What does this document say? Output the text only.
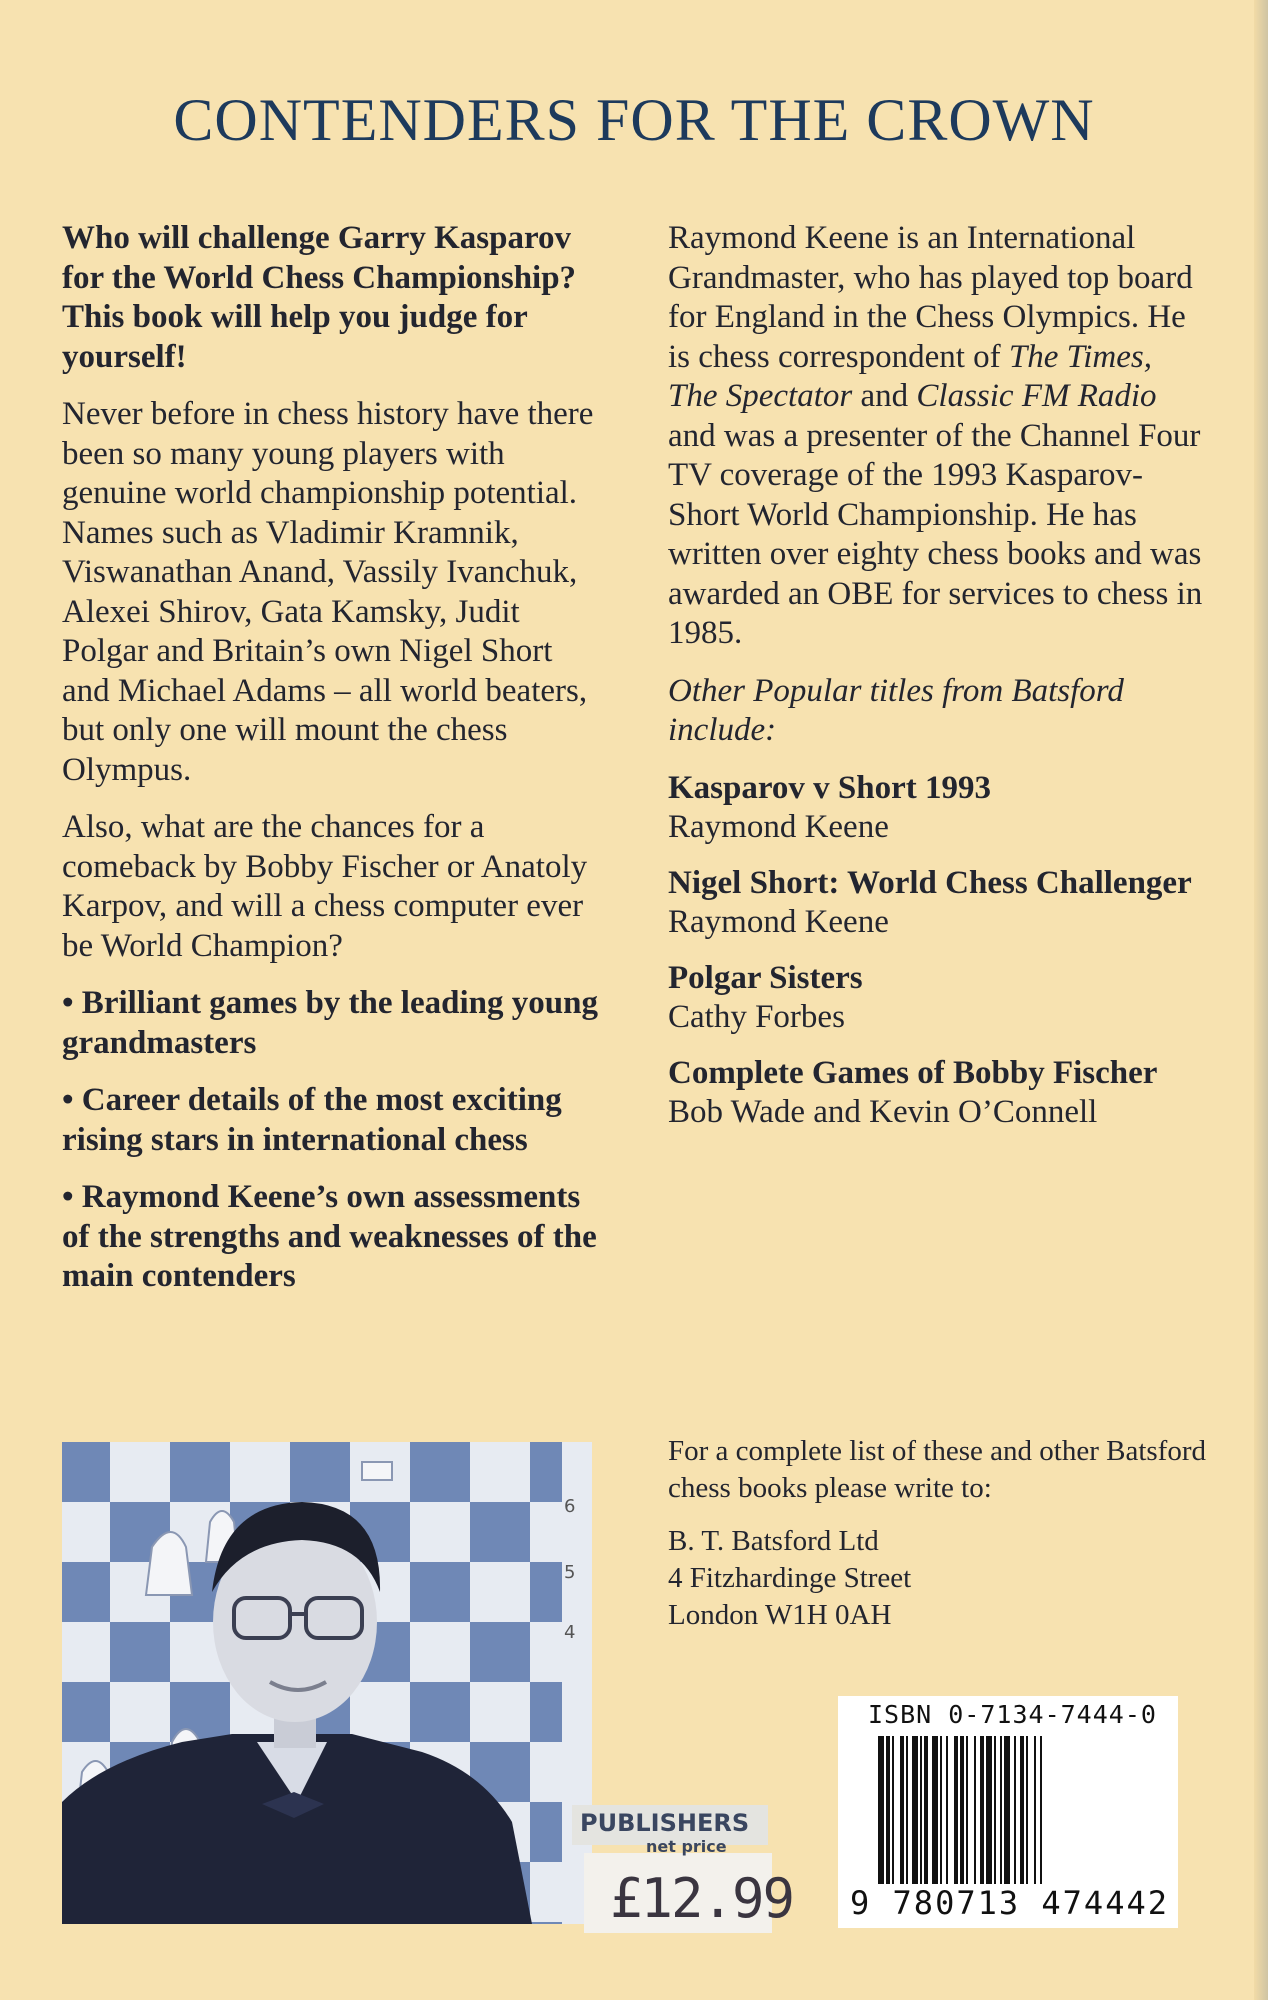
CONTENDERS FOR THE CROWN

Who will challenge Garry Kasparov for the World Chess Championship? This book will help you judge for yourself!

Never before in chess history have there been so many young players with genuine world championship potential. Names such as Vladimir Kramnik, Viswanathan Anand, Vassily Ivanchuk, Alexei Shirov, Gata Kamsky, Judit Polgar and Britain’s own Nigel Short and Michael Adams – all world beaters, but only one will mount the chess Olympus.

Also, what are the chances for a comeback by Bobby Fischer or Anatoly Karpov, and will a chess computer ever be World Champion?

• Brilliant games by the leading young grandmasters

• Career details of the most exciting rising stars in international chess

• Raymond Keene’s own assessments of the strengths and weaknesses of the main contenders

Raymond Keene is an International Grandmaster, who has played top board for England in the Chess Olympics. He is chess correspondent of The Times, The Spectator and Classic FM Radio and was a presenter of the Channel Four TV coverage of the 1993 Kasparov-Short World Championship. He has written over eighty chess books and was awarded an OBE for services to chess in 1985.

Other Popular titles from Batsford include:

Kasparov v Short 1993
Raymond Keene
Nigel Short: World Chess Challenger
Raymond Keene
Polgar Sisters
Cathy Forbes
Complete Games of Bobby Fischer
Bob Wade and Kevin O’Connell

For a complete list of these and other Batsford chess books please write to:

B. T. Batsford Ltd
4 Fitzhardinge Street
London W1H 0AH
6
5
4
PUBLISHERS
net price
£12.99
ISBN 0-7134-7444-0
9 780713 474442
